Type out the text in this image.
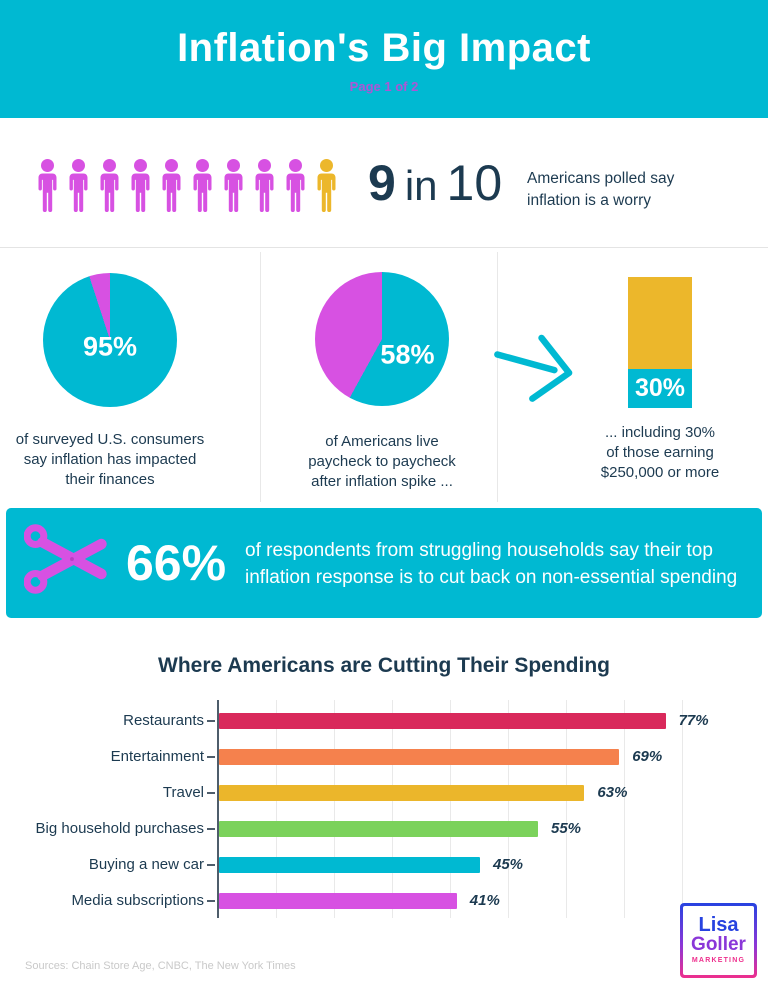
Inflation's Big Impact
Page 1 of 2
9 in 10 Americans polled say
inflation is a worry
95%
of surveyed U.S. consumers
say inflation has impacted
their finances
58%
of Americans live
paycheck to paycheck
after inflation spike ...
30%
... including 30%
of those earning
$250,000 or more
66% of respondents from struggling households say their top
inflation response is to cut back on non-essential spending
Where Americans are Cutting Their Spending
Restaurants	77%
Entertainment	69%
Travel	63%
Big household purchases	55%
Buying a new car	45%
Media subscriptions	41%
Sources: Chain Store Age, CNBC, The New York Times
Lisa
Goller
MARKETING
